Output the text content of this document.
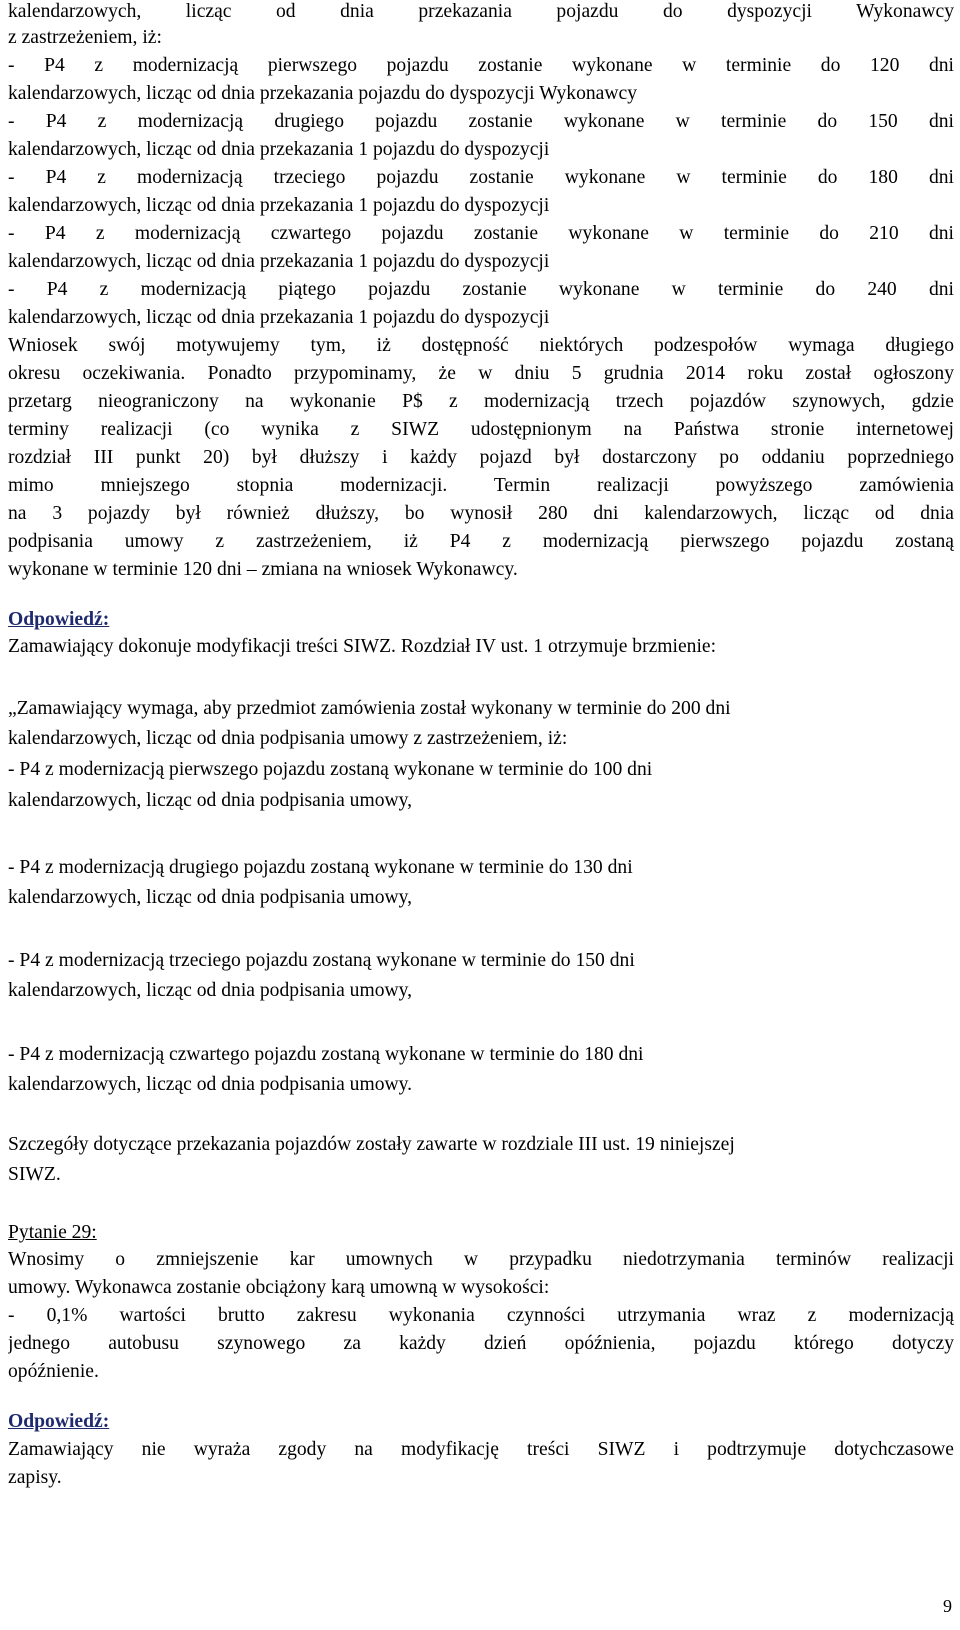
kalendarzowych, licząc od dnia przekazania pojazdu do dyspozycji Wykonawcy
z zastrzeżeniem, iż:
- P4 z modernizacją pierwszego pojazdu zostanie wykonane w terminie do 120 dni
kalendarzowych, licząc od dnia przekazania pojazdu do dyspozycji Wykonawcy
- P4 z modernizacją drugiego pojazdu zostanie wykonane w terminie do 150 dni
kalendarzowych, licząc od dnia przekazania 1 pojazdu do dyspozycji
- P4 z modernizacją trzeciego pojazdu zostanie wykonane w terminie do 180 dni
kalendarzowych, licząc od dnia przekazania 1 pojazdu do dyspozycji
- P4 z modernizacją czwartego pojazdu zostanie wykonane w terminie do 210 dni
kalendarzowych, licząc od dnia przekazania 1 pojazdu do dyspozycji
- P4 z modernizacją piątego pojazdu zostanie wykonane w terminie do 240 dni
kalendarzowych, licząc od dnia przekazania 1 pojazdu do dyspozycji
Wniosek swój motywujemy tym, iż dostępność niektórych podzespołów wymaga długiego
okresu oczekiwania. Ponadto przypominamy, że w dniu 5 grudnia 2014 roku został ogłoszony
przetarg nieograniczony na wykonanie P$ z modernizacją trzech pojazdów szynowych, gdzie
terminy realizacji (co wynika z SIWZ udostępnionym na Państwa stronie internetowej
rozdział III punkt 20) był dłuższy i każdy pojazd był dostarczony po oddaniu poprzedniego
mimo mniejszego stopnia modernizacji. Termin realizacji powyższego zamówienia
na 3 pojazdy był również dłuższy, bo wynosił 280 dni kalendarzowych, licząc od dnia
podpisania umowy z zastrzeżeniem, iż P4 z modernizacją pierwszego pojazdu zostaną
wykonane w terminie 120 dni – zmiana na wniosek Wykonawcy.
Odpowiedź:
Zamawiający dokonuje modyfikacji treści SIWZ. Rozdział IV ust. 1 otrzymuje brzmienie:
„Zamawiający wymaga, aby przedmiot zamówienia został wykonany w terminie do 200 dni
kalendarzowych, licząc od dnia podpisania umowy z zastrzeżeniem, iż:
- P4 z modernizacją pierwszego pojazdu zostaną wykonane w terminie do 100 dni
kalendarzowych, licząc od dnia podpisania umowy,
- P4 z modernizacją drugiego pojazdu zostaną wykonane w terminie do 130 dni
kalendarzowych, licząc od dnia podpisania umowy,
- P4 z modernizacją trzeciego pojazdu zostaną wykonane w terminie do 150 dni
kalendarzowych, licząc od dnia podpisania umowy,
- P4 z modernizacją czwartego pojazdu zostaną wykonane w terminie do 180 dni
kalendarzowych, licząc od dnia podpisania umowy.
Szczegóły dotyczące przekazania pojazdów zostały zawarte w rozdziale III ust. 19 niniejszej
SIWZ.
Pytanie 29:
Wnosimy o zmniejszenie kar umownych w przypadku niedotrzymania terminów realizacji
umowy. Wykonawca zostanie obciążony karą umowną w wysokości:
- 0,1% wartości brutto zakresu wykonania czynności utrzymania wraz z modernizacją
jednego autobusu szynowego za każdy dzień opóźnienia, pojazdu którego dotyczy
opóźnienie.
Odpowiedź:
Zamawiający nie wyraża zgody na modyfikację treści SIWZ i podtrzymuje dotychczasowe
zapisy.
9
